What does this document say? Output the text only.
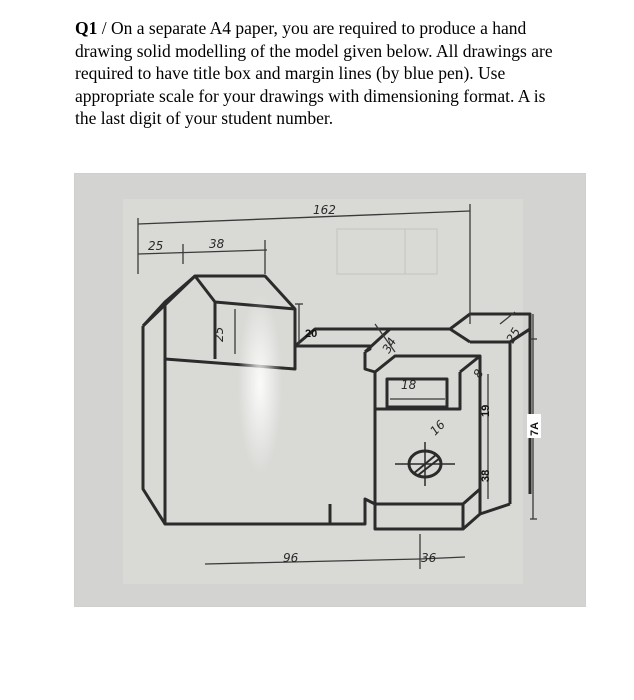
Q1 / On a separate A4 paper, you are required to produce a hand drawing solid modelling of the model given below. All drawings are required to have title box and margin lines (by blue pen). Use appropriate scale for your drawings with dimensioning format. A is the last digit of your student number.
162
25	38
25	20
34	25
18
8
19
16
38
96	36
7A
